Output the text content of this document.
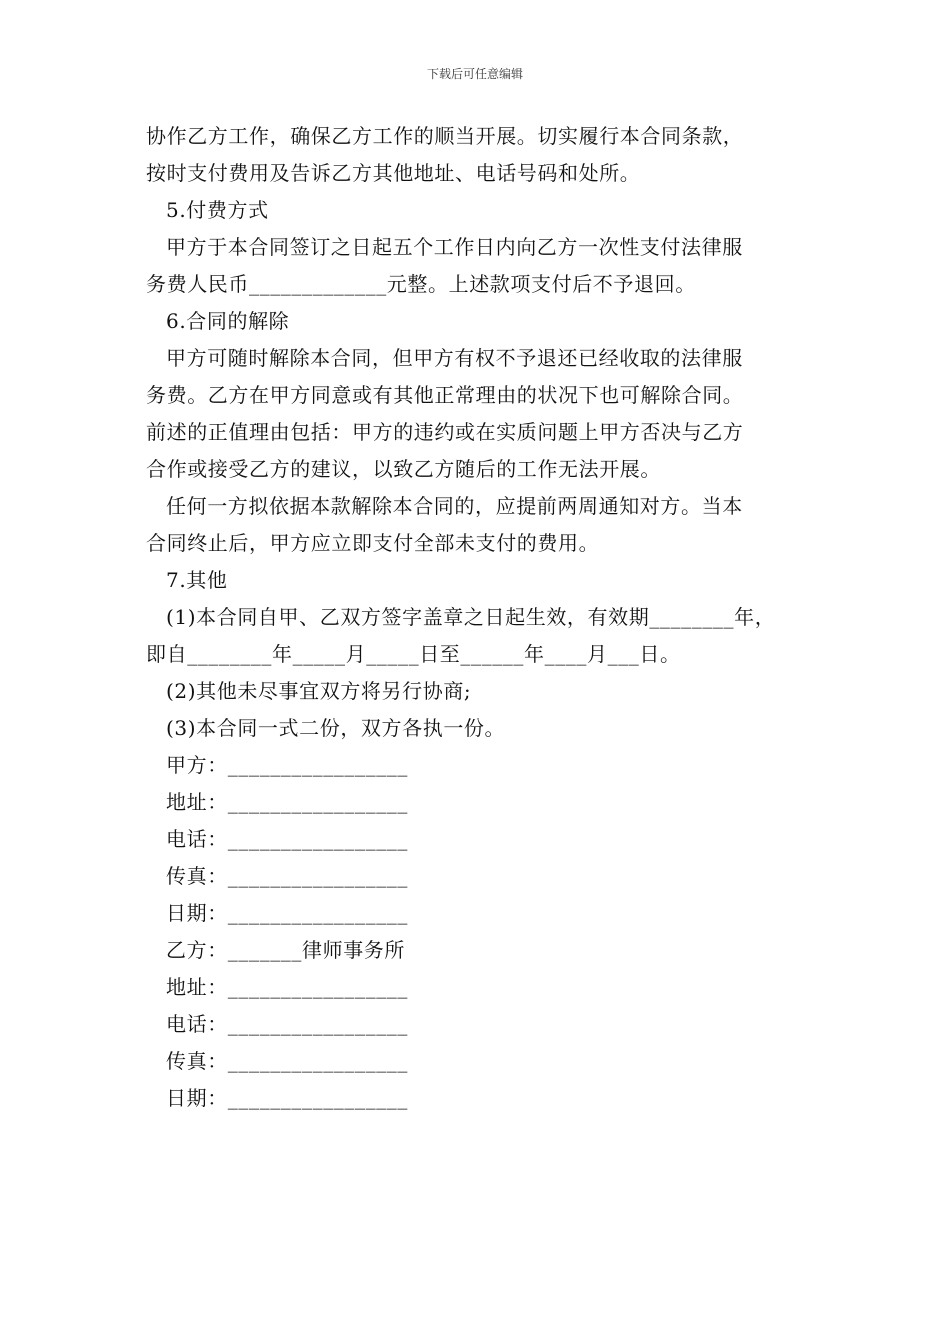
下载后可任意编辑
协作乙方工作，确保乙方工作的顺当开展。切实履行本合同条款，
按时支付费用及告诉乙方其他地址、电话号码和处所。
5.付费方式
甲方于本合同签订之日起五个工作日内向乙方一次性支付法律服
务费人民币_____________元整。上述款项支付后不予退回。
6.合同的解除
甲方可随时解除本合同，但甲方有权不予退还已经收取的法律服
务费。乙方在甲方同意或有其他正常理由的状况下也可解除合同。
前述的正值理由包括：甲方的违约或在实质问题上甲方否决与乙方
合作或接受乙方的建议，以致乙方随后的工作无法开展。
任何一方拟依据本款解除本合同的，应提前两周通知对方。当本
合同终止后，甲方应立即支付全部未支付的费用。
7.其他
(1)本合同自甲、乙双方签字盖章之日起生效，有效期________年，
即自________年_____月_____日至______年____月___日。
(2)其他未尽事宜双方将另行协商;
(3)本合同一式二份，双方各执一份。
甲方：_________________
地址：_________________
电话：_________________
传真：_________________
日期：_________________
乙方：_______律师事务所
地址：_________________
电话：_________________
传真：_________________
日期：_________________
